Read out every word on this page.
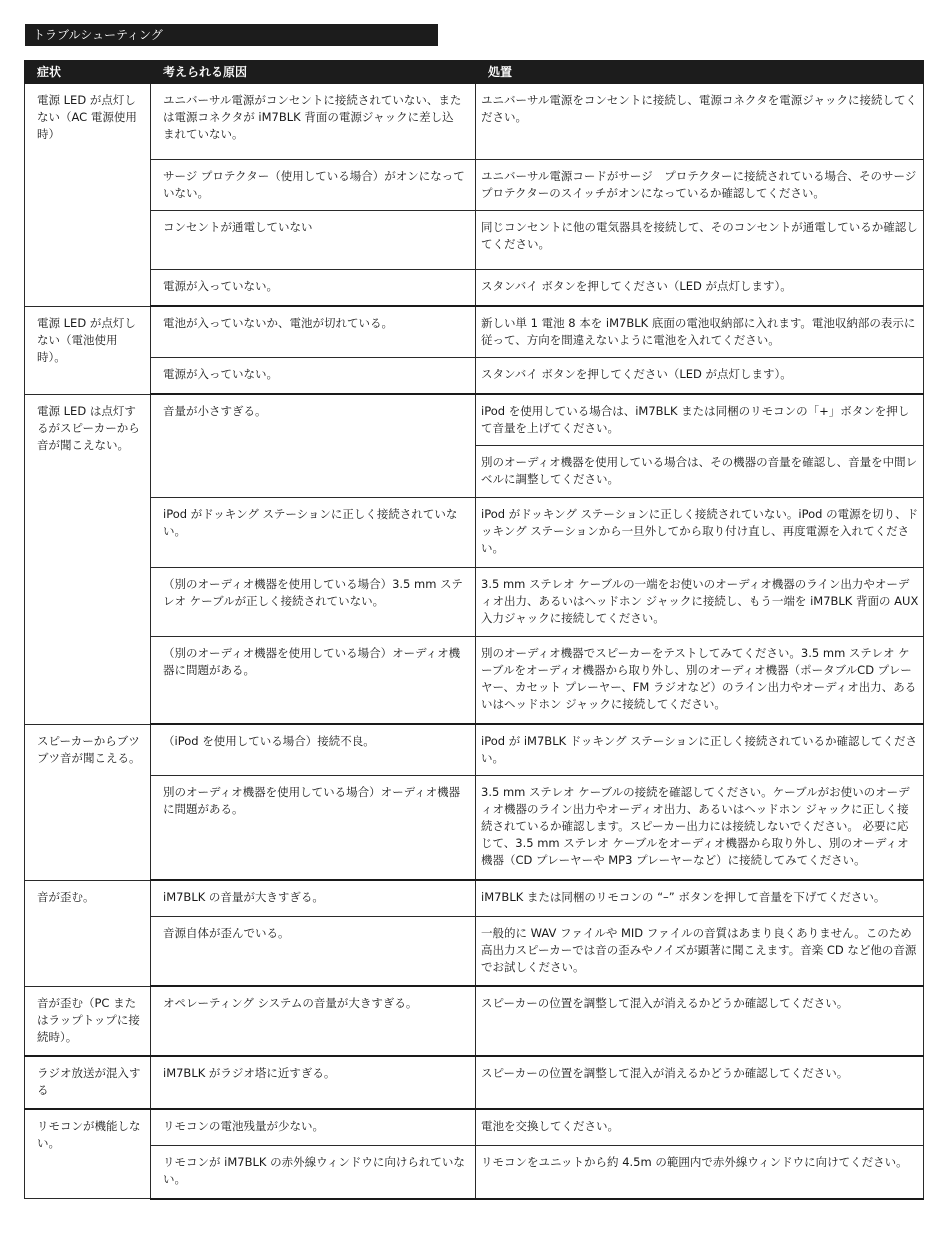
トラブルシューティング
症状	考えられる原因	処置
電源 LED が点灯しない（AC 電源使用時）	ユニバーサル電源がコンセントに接続されていない、または電源コネクタが iM7BLK 背面の電源ジャックに差し込まれていない。	ユニバーサル電源をコンセントに接続し、電源コネクタを電源ジャックに接続してください。
	サージ プロテクター（使用している場合）がオンになっていない。	ユニバーサル電源コードがサージ　プロテクターに接続されている場合、そのサージ プロテクターのスイッチがオンになっているか確認してください。
	コンセントが通電していない	同じコンセントに他の電気器具を接続して、そのコンセントが通電しているか確認してください。
	電源が入っていない。	スタンバイ ボタンを押してください（LED が点灯します）。
電源 LED が点灯しない（電池使用時）。	電池が入っていないか、電池が切れている。	新しい単 1 電池 8 本を iM7BLK 底面の電池収納部に入れます。電池収納部の表示に従って、方向を間違えないように電池を入れてください。
	電源が入っていない。	スタンバイ ボタンを押してください（LED が点灯します）。
電源 LED は点灯するがスピーカーから音が聞こえない。	音量が小さすぎる。	iPod を使用している場合は、iM7BLK または同梱のリモコンの「+」ボタンを押して音量を上げてください。
		別のオーディオ機器を使用している場合は、その機器の音量を確認し、音量を中間レベルに調整してください。
	iPod がドッキング ステーションに正しく接続されていない。	iPod がドッキング ステーションに正しく接続されていない。iPod の電源を切り、ドッキング ステーションから一旦外してから取り付け直し、再度電源を入れてください。
	（別のオーディオ機器を使用している場合）3.5 mm ステレオ ケーブルが正しく接続されていない。	3.5 mm ステレオ ケーブルの一端をお使いのオーディオ機器のライン出力やオーディオ出力、あるいはヘッドホン ジャックに接続し、もう一端を iM7BLK 背面の AUX 入力ジャックに接続してください。
	（別のオーディオ機器を使用している場合）オーディオ機器に問題がある。	別のオーディオ機器でスピーカーをテストしてみてください。3.5 mm ステレオ ケーブルをオーディオ機器から取り外し、別のオーディオ機器（ポータブルCD プレーヤー、カセット プレーヤー、FM ラジオなど）のライン出力やオーディオ出力、あるいはヘッドホン ジャックに接続してください。
スピーカーからブツブツ音が聞こえる。	（iPod を使用している場合）接続不良。	iPod が iM7BLK ドッキング ステーションに正しく接続されているか確認してください。
	別のオーディオ機器を使用している場合）オーディオ機器に問題がある。	3.5 mm ステレオ ケーブルの接続を確認してください。ケーブルがお使いのオーディオ機器のライン出力やオーディオ出力、あるいはヘッドホン ジャックに正しく接続されているか確認します。スピーカー出力には接続しないでください。 必要に応じて、3.5 mm ステレオ ケーブルをオーディオ機器から取り外し、別のオーディオ機器（CD プレーヤーや MP3 プレーヤーなど）に接続してみてください。
音が歪む。	iM7BLK の音量が大きすぎる。	iM7BLK または同梱のリモコンの “–” ボタンを押して音量を下げてください。
	音源自体が歪んでいる。	一般的に WAV ファイルや MID ファイルの音質はあまり良くありません。このため高出力スピーカーでは音の歪みやノイズが顕著に聞こえます。音楽 CD など他の音源でお試しください。
音が歪む（PC またはラップトップに接続時）。	オペレーティング システムの音量が大きすぎる。	スピーカーの位置を調整して混入が消えるかどうか確認してください。
ラジオ放送が混入する	iM7BLK がラジオ塔に近すぎる。	スピーカーの位置を調整して混入が消えるかどうか確認してください。
リモコンが機能しない。	リモコンの電池残量が少ない。	電池を交換してください。
	リモコンが iM7BLK の赤外線ウィンドウに向けられていない。	リモコンをユニットから約 4.5m の範囲内で赤外線ウィンドウに向けてください。
